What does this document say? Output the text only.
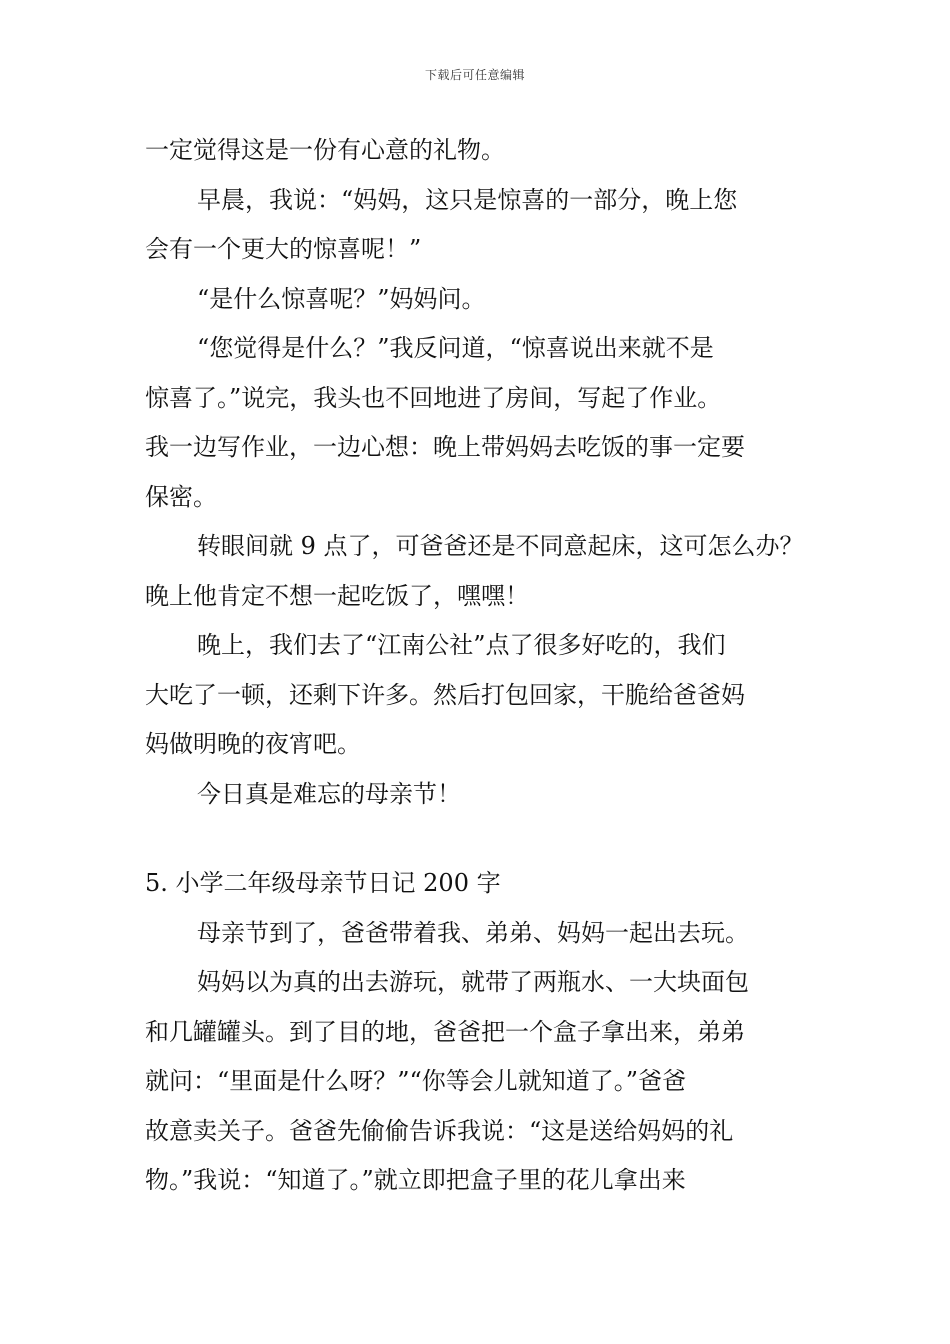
下载后可任意编辑
一定觉得这是一份有心意的礼物。
早晨，我说：“妈妈，这只是惊喜的一部分，晚上您
会有一个更大的惊喜呢！”
“是什么惊喜呢？”妈妈问。
“您觉得是什么？”我反问道，“惊喜说出来就不是
惊喜了。”说完，我头也不回地进了房间，写起了作业。
我一边写作业，一边心想：晚上带妈妈去吃饭的事一定要
保密。
转眼间就 9 点了，可爸爸还是不同意起床，这可怎么办？
晚上他肯定不想一起吃饭了，嘿嘿！
晚上，我们去了“江南公社”点了很多好吃的，我们
大吃了一顿，还剩下许多。然后打包回家，干脆给爸爸妈
妈做明晚的夜宵吧。
今日真是难忘的母亲节！
5. 小学二年级母亲节日记 200 字
母亲节到了，爸爸带着我、弟弟、妈妈一起出去玩。
妈妈以为真的出去游玩，就带了两瓶水、一大块面包
和几罐罐头。到了目的地，爸爸把一个盒子拿出来，弟弟
就问：“里面是什么呀？”“你等会儿就知道了。”爸爸
故意卖关子。爸爸先偷偷告诉我说：“这是送给妈妈的礼
物。”我说：“知道了。”就立即把盒子里的花儿拿出来
